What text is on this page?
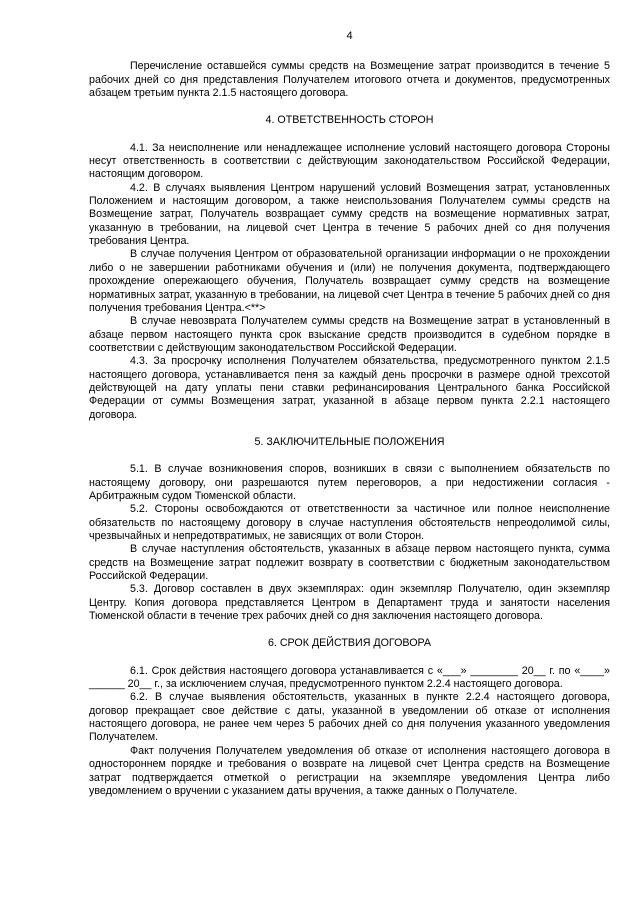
4

Перечисление оставшейся суммы средств на Возмещение затрат производится в течение 5 рабочих дней со дня представления Получателем итогового отчета и документов, предусмотренных абзацем третьим пункта 2.1.5 настоящего договора.

4. ОТВЕТСТВЕННОСТЬ СТОРОН

4.1. За неисполнение или ненадлежащее исполнение условий настоящего договора Стороны несут ответственность в соответствии с действующим законодательством Российской Федерации, настоящим договором.

4.2. В случаях выявления Центром нарушений условий Возмещения затрат, установленных Положением и настоящим договором, а также неиспользования Получателем суммы средств на Возмещение затрат, Получатель возвращает сумму средств на возмещение нормативных затрат, указанную в требовании, на лицевой счет Центра в течение 5 рабочих дней со дня получения требования Центра.

В случае получения Центром от образовательной организации информации о не прохождении либо о не завершении работниками обучения и (или) не получения документа, подтверждающего прохождение опережающего обучения, Получатель возвращает сумму средств на возмещение нормативных затрат, указанную в требовании, на лицевой счет Центра в течение 5 рабочих дней со дня получения требования Центра.<**>

В случае невозврата Получателем суммы средств на Возмещение затрат в установленный в абзаце первом настоящего пункта срок взыскание средств производится в судебном порядке в соответствии с действующим законодательством Российской Федерации.

4.3. За просрочку исполнения Получателем обязательства, предусмотренного пунктом 2.1.5 настоящего договора, устанавливается пеня за каждый день просрочки в размере одной трехсотой действующей на дату уплаты пени ставки рефинансирования Центрального банка Российской Федерации от суммы Возмещения затрат, указанной в абзаце первом пункта 2.2.1 настоящего договора.

5. ЗАКЛЮЧИТЕЛЬНЫЕ ПОЛОЖЕНИЯ

5.1. В случае возникновения споров, возникших в связи с выполнением обязательств по настоящему договору, они разрешаются путем переговоров, а при недостижении согласия - Арбитражным судом Тюменской области.

5.2. Стороны освобождаются от ответственности за частичное или полное неисполнение обязательств по настоящему договору в случае наступления обстоятельств непреодолимой силы, чрезвычайных и непредотвратимых, не зависящих от воли Сторон.

В случае наступления обстоятельств, указанных в абзаце первом настоящего пункта, сумма средств на Возмещение затрат подлежит возврату в соответствии с бюджетным законодательством Российской Федерации.

5.3. Договор составлен в двух экземплярах: один экземпляр Получателю, один экземпляр Центру. Копия договора представляется Центром в Департамент труда и занятости населения Тюменской области в течение трех рабочих дней со дня заключения настоящего договора.

6. СРОК ДЕЙСТВИЯ ДОГОВОРА

6.1. Срок действия настоящего договора устанавливается с «___» ________ 20__ г. по «____» ______ 20__ г., за исключением случая, предусмотренного пунктом 2.2.4 настоящего договора.

6.2. В случае выявления обстоятельств, указанных в пункте 2.2.4 настоящего договора, договор прекращает свое действие с даты, указанной в уведомлении об отказе от исполнения настоящего договора, не ранее чем через 5 рабочих дней со дня получения указанного уведомления Получателем.

Факт получения Получателем уведомления об отказе от исполнения настоящего договора в одностороннем порядке и требования о возврате на лицевой счет Центра средств на Возмещение затрат подтверждается отметкой о регистрации на экземпляре уведомления Центра либо уведомлением о вручении с указанием даты вручения, а также данных о Получателе.
